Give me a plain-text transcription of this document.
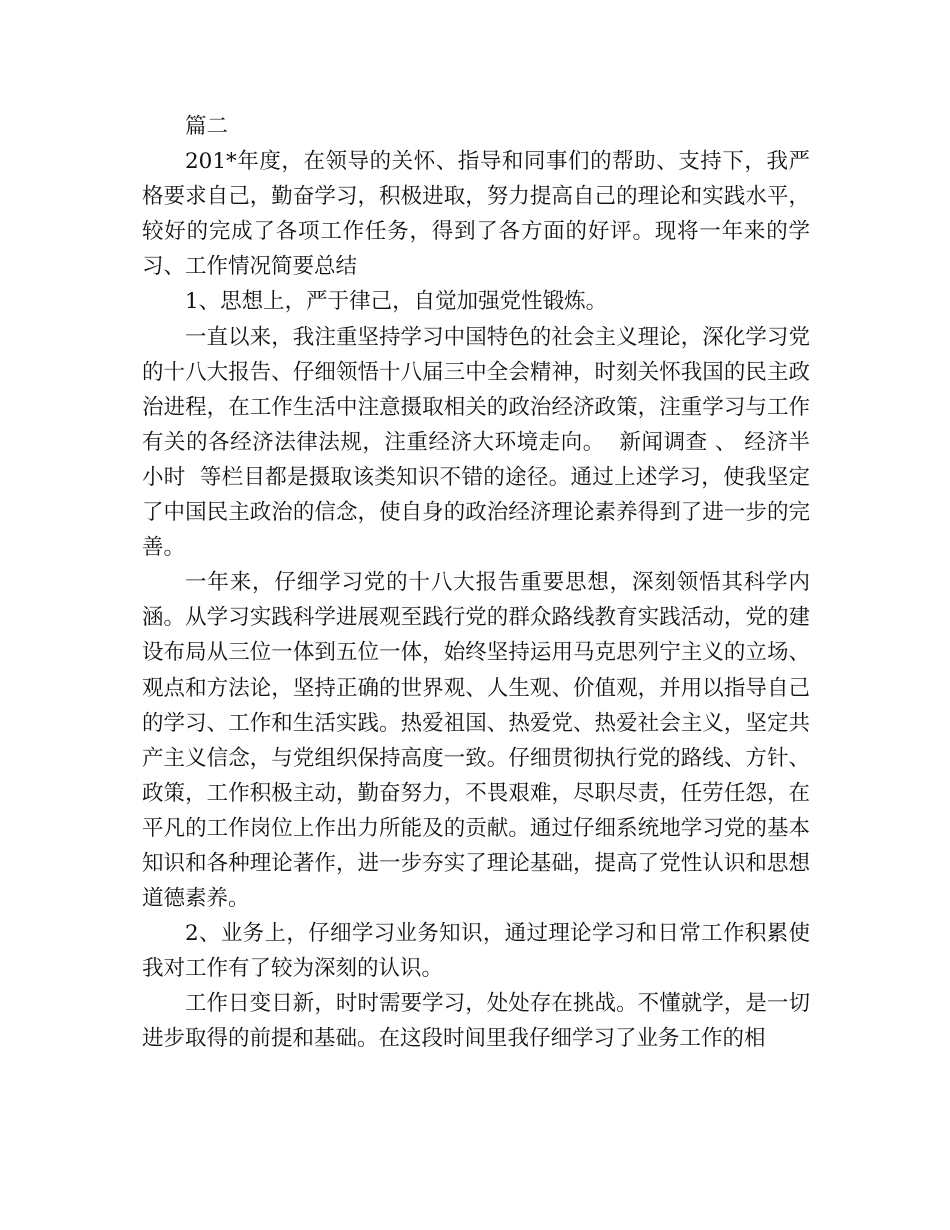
篇二

201*年度，在领导的关怀、指导和同事们的帮助、支持下，我严格要求自己，勤奋学习，积极进取，努力提高自己的理论和实践水平，较好的完成了各项工作任务，得到了各方面的好评。现将一年来的学习、工作情况简要总结

1、思想上，严于律己，自觉加强党性锻炼。

一直以来，我注重坚持学习中国特色的社会主义理论，深化学习党的十八大报告、仔细领悟十八届三中全会精神，时刻关怀我国的民主政治进程，在工作生活中注意摄取相关的政治经济政策，注重学习与工作有关的各经济法律法规，注重经济大环境走向。  新闻调查 、 经济半小时  等栏目都是摄取该类知识不错的途径。通过上述学习，使我坚定了中国民主政治的信念，使自身的政治经济理论素养得到了进一步的完善。

一年来，仔细学习党的十八大报告重要思想，深刻领悟其科学内涵。从学习实践科学进展观至践行党的群众路线教育实践活动，党的建设布局从三位一体到五位一体，始终坚持运用马克思列宁主义的立场、观点和方法论，坚持正确的世界观、人生观、价值观，并用以指导自己的学习、工作和生活实践。热爱祖国、热爱党、热爱社会主义，坚定共产主义信念，与党组织保持高度一致。仔细贯彻执行党的路线、方针、政策，工作积极主动，勤奋努力，不畏艰难，尽职尽责，任劳任怨，在平凡的工作岗位上作出力所能及的贡献。通过仔细系统地学习党的基本知识和各种理论著作，进一步夯实了理论基础，提高了党性认识和思想道德素养。

2、业务上，仔细学习业务知识，通过理论学习和日常工作积累使我对工作有了较为深刻的认识。

工作日变日新，时时需要学习，处处存在挑战。不懂就学，是一切进步取得的前提和基础。在这段时间里我仔细学习了业务工作的相
